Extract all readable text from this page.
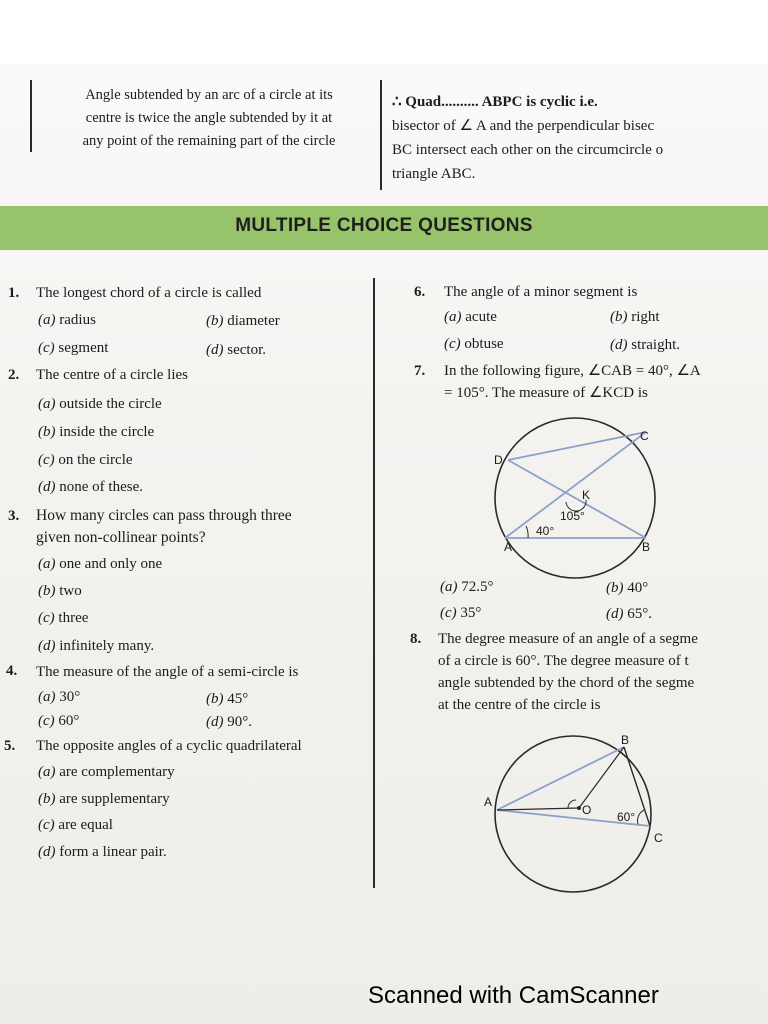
Angle subtended by an arc of a circle at its
centre is twice the angle subtended by it at
any point of the remaining part of the circle
∴ Quad.......... ABPC is cyclic i.e.
bisector of ∠ A and the perpendicular bisec
BC intersect each other on the circumcircle o
triangle ABC.
MULTIPLE CHOICE QUESTIONS
1. The longest chord of a circle is called
(a) radius	(b) diameter
(c) segment	(d) sector.
2. The centre of a circle lies
(a) outside the circle
(b) inside the circle
(c) on the circle
(d) none of these.
3. How many circles can pass through three
given non-collinear points?
(a) one and only one
(b) two
(c) three
(d) infinitely many.
4. The measure of the angle of a semi-circle is
(a) 30°	(b) 45°
(c) 60°	(d) 90°.
5. The opposite angles of a cyclic quadrilateral
(a) are complementary
(b) are supplementary
(c) are equal
(d) form a linear pair.
6. The angle of a minor segment is
(a) acute	(b) right
(c) obtuse	(d) straight.
7. In the following figure, ∠CAB = 40°, ∠A
= 105°. The measure of ∠KCD is
C
D
K
105°
40°
A	B
(a) 72.5°	(b) 40°
(c) 35°	(d) 65°.
8. The degree measure of an angle of a segme
of a circle is 60°. The degree measure of t
angle subtended by the chord of the segme
at the centre of the circle is
B
A
O 60°
C
Scanned with CamScanner
